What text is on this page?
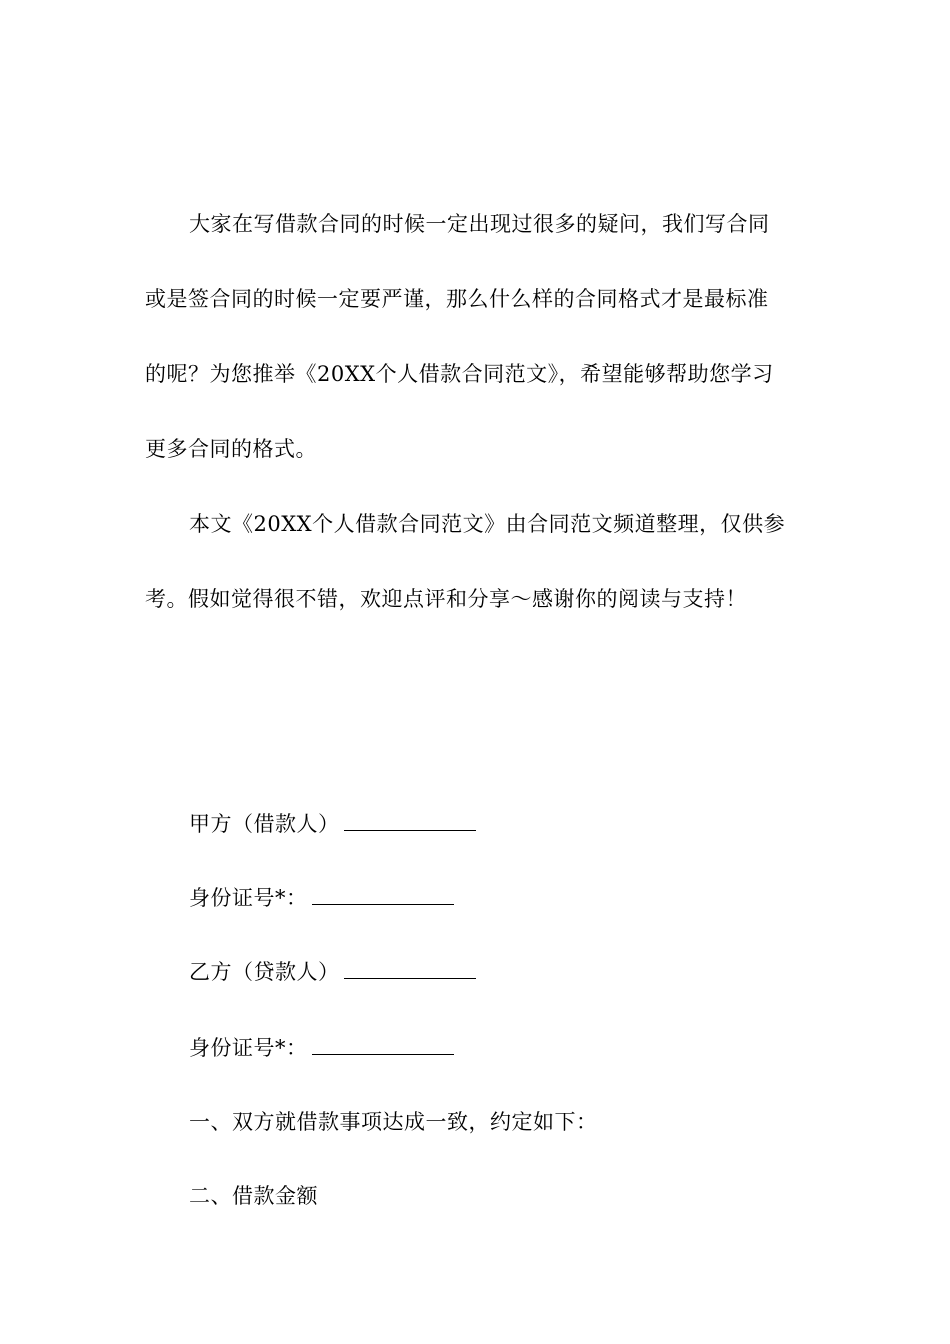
大家在写借款合同的时候一定出现过很多的疑问，我们写合同
或是签合同的时候一定要严谨，那么什么样的合同格式才是最标准
的呢？为您推举《20XX个人借款合同范文》，希望能够帮助您学习
更多合同的格式。
本文《20XX个人借款合同范文》由合同范文频道整理，仅供参
考。假如觉得很不错，欢迎点评和分享～感谢你的阅读与支持！
甲方（借款人）
身份证号*：
乙方（贷款人）
身份证号*：
一、双方就借款事项达成一致，约定如下：
二、借款金额
